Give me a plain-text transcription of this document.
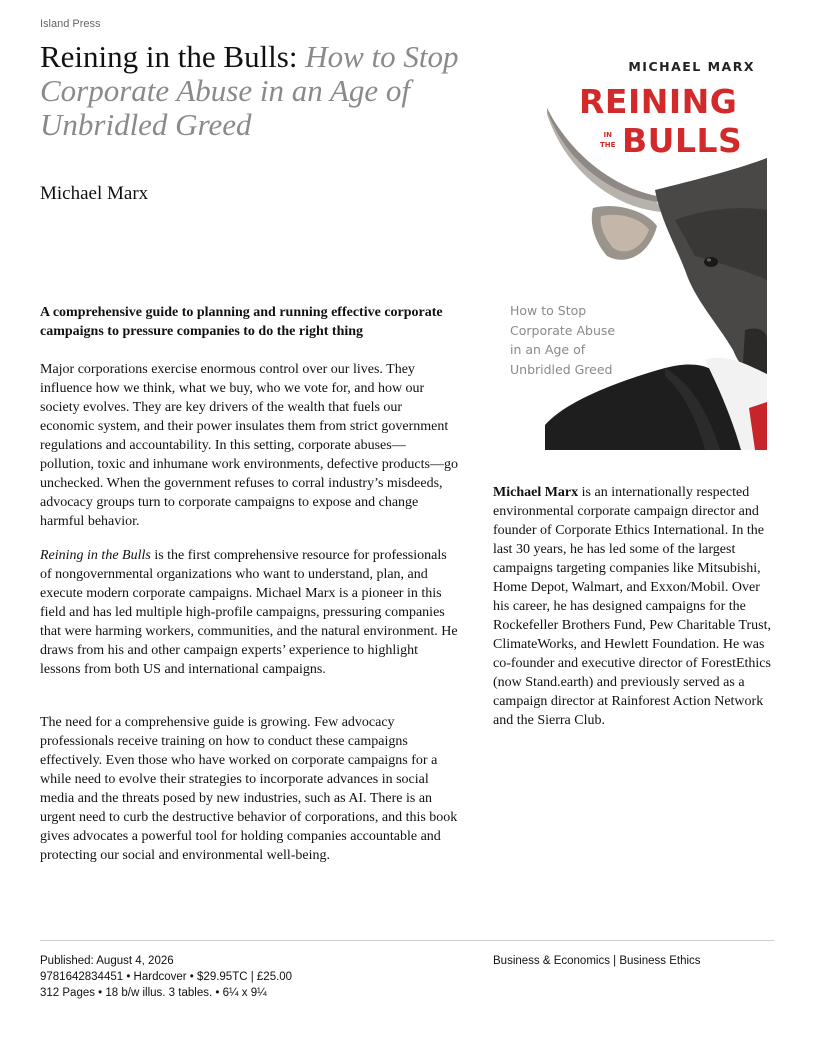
Island Press
Reining in the Bulls: How to Stop Corporate Abuse in an Age of Unbridled Greed
Michael Marx
MICHAEL MARX
REINING
IN
THE BULLS
How to Stop
Corporate Abuse
in an Age of
Unbridled Greed
A comprehensive guide to planning and running effective corporate campaigns to pressure companies to do the right thing

Major corporations exercise enormous control over our lives. They influence how we think, what we buy, who we vote for, and how our society evolves. They are key drivers of the wealth that fuels our economic system, and their power insulates them from strict government regulations and accountability. In this setting, corporate abuses—pollution, toxic and inhumane work environments, defective products—go unchecked. When the government refuses to corral industry’s misdeeds, advocacy groups turn to corporate campaigns to expose and change harmful behavior.

Reining in the Bulls is the first comprehensive resource for professionals of nongovernmental organizations who want to understand, plan, and execute modern corporate campaigns. Michael Marx is a pioneer in this field and has led multiple high-profile campaigns, pressuring companies that were harming workers, communities, and the natural environment. He draws from his and other campaign experts’ experience to highlight lessons from both US and international campaigns.

The need for a comprehensive guide is growing. Few advocacy professionals receive training on how to conduct these campaigns effectively. Even those who have worked on corporate campaigns for a while need to evolve their strategies to incorporate advances in social media and the threats posed by new industries, such as AI. There is an urgent need to curb the destructive behavior of corporations, and this book gives advocates a powerful tool for holding companies accountable and protecting our social and environmental well-being.

Michael Marx is an internationally respected environmental corporate campaign director and founder of Corporate Ethics International. In the last 30 years, he has led some of the largest campaigns targeting companies like Mitsubishi, Home Depot, Walmart, and Exxon/Mobil. Over his career, he has designed campaigns for the Rockefeller Brothers Fund, Pew Charitable Trust, ClimateWorks, and Hewlett Foundation. He was co-founder and executive director of ForestEthics (now Stand.earth) and previously served as a campaign director at Rainforest Action Network and the Sierra Club.

Published: August 4, 2026
9781642834451 • Hardcover • $29.95TC | £25.00
312 Pages • 18 b/w illus. 3 tables. • 6¼ x 9¼
Business & Economics | Business Ethics
